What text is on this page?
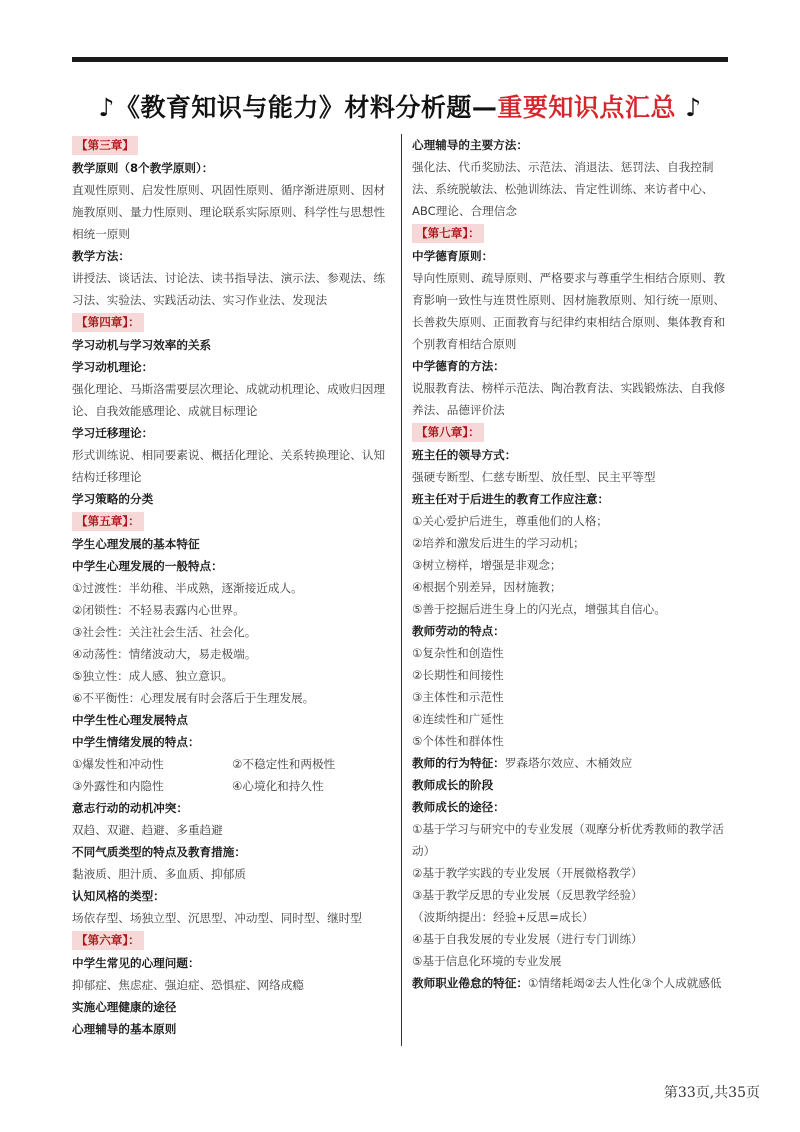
♪《教育知识与能力》材料分析题—重要知识点汇总 ♪
【第三章】
教学原则（8个教学原则）：
直观性原则、启发性原则、巩固性原则、循序渐进原则、因材施教原则、量力性原则、理论联系实际原则、科学性与思想性相统一原则
教学方法：
讲授法、谈话法、讨论法、读书指导法、演示法、参观法、练习法、实验法、实践活动法、实习作业法、发现法
【第四章】：
学习动机与学习效率的关系
学习动机理论：
强化理论、马斯洛需要层次理论、成就动机理论、成败归因理论、自我效能感理论、成就目标理论
学习迁移理论：
形式训练说、相同要素说、概括化理论、关系转换理论、认知结构迁移理论
学习策略的分类
【第五章】：
学生心理发展的基本特征
中学生心理发展的一般特点：
①过渡性：半幼稚、半成熟，逐渐接近成人。
②闭锁性：不轻易表露内心世界。
③社会性：关注社会生活、社会化。
④动荡性：情绪波动大，易走极端。
⑤独立性：成人感、独立意识。
⑥不平衡性：心理发展有时会落后于生理发展。
中学生性心理发展特点
中学生情绪发展的特点：
①爆发性和冲动性	②不稳定性和两极性
③外露性和内隐性	④心境化和持久性
意志行动的动机冲突：
双趋、双避、趋避、多重趋避
不同气质类型的特点及教育措施：
黏液质、胆汁质、多血质、抑郁质
认知风格的类型：
场依存型、场独立型、沉思型、冲动型、同时型、继时型
【第六章】：
中学生常见的心理问题：
抑郁症、焦虑症、强迫症、恐惧症、网络成瘾
实施心理健康的途径
心理辅导的基本原则
心理辅导的主要方法：
强化法、代币奖励法、示范法、消退法、惩罚法、自我控制法、系统脱敏法、松弛训练法、肯定性训练、来访者中心、ABC理论、合理信念
【第七章】：
中学德育原则：
导向性原则、疏导原则、严格要求与尊重学生相结合原则、教育影响一致性与连贯性原则、因材施教原则、知行统一原则、长善救失原则、正面教育与纪律约束相结合原则、集体教育和个别教育相结合原则
中学德育的方法：
说服教育法、榜样示范法、陶冶教育法、实践锻炼法、自我修养法、品德评价法
【第八章】：
班主任的领导方式：
强硬专断型、仁慈专断型、放任型、民主平等型
班主任对于后进生的教育工作应注意：
①关心爱护后进生，尊重他们的人格；
②培养和激发后进生的学习动机；
③树立榜样，增强是非观念；
④根据个别差异，因材施教；
⑤善于挖掘后进生身上的闪光点，增强其自信心。
教师劳动的特点：
①复杂性和创造性
②长期性和间接性
③主体性和示范性
④连续性和广延性
⑤个体性和群体性
教师的行为特征：罗森塔尔效应、木桶效应
教师成长的阶段
教师成长的途径：
①基于学习与研究中的专业发展（观摩分析优秀教师的教学活动）
②基于教学实践的专业发展（开展微格教学）
③基于教学反思的专业发展（反思教学经验）
（波斯纳提出：经验+反思=成长）
④基于自我发展的专业发展（进行专门训练）
⑤基于信息化环境的专业发展
教师职业倦怠的特征：①情绪耗竭②去人性化③个人成就感低
第33页,共35页
